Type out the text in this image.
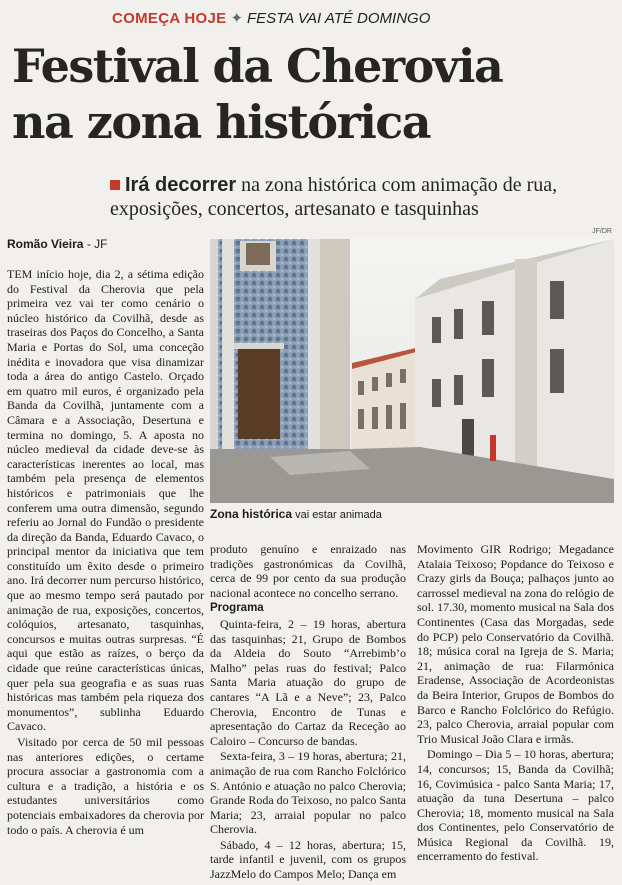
COMEÇA HOJE ✦ FESTA VAI ATÉ DOMINGO
Festival da Cherovia
na zona histórica
Irá decorrer na zona histórica com animação de rua, exposições, concertos, artesanato e tasquinhas
JF/DR
Romão Vieira - JF
Zona histórica vai estar animada

TEM início hoje, dia 2, a sétima edição do Festival da Cherovia que pela primeira vez vai ter como cenário o núcleo histórico da Covilhã, desde as traseiras dos Paços do Concelho, a Santa Maria e Portas do Sol, uma conceção inédita e inovadora que visa dinamizar toda a área do antigo Castelo. Orçado em quatro mil euros, é organizado pela Banda da Covilhã, juntamente com a Câmara e a Associação, Desertuna e termina no domingo, 5. A aposta no núcleo medieval da cidade deve-se às características inerentes ao local, mas também pela presença de elementos históricos e patrimoniais que lhe conferem uma outra dimensão, segundo referiu ao Jornal do Fundão o presidente da direção da Banda, Eduardo Cavaco, o principal mentor da iniciativa que tem constituído um êxito desde o primeiro ano. Irá decorrer num percurso histórico, que ao mesmo tempo será pautado por animação de rua, exposições, concertos, colóquios, artesanato, tasquinhas, concursos e muitas outras surpresas. “É aqui que estão as raízes, o berço da cidade que reúne características únicas, quer pela sua geografia e as suas ruas históricas mas também pela riqueza dos monumentos”, sublinha Eduardo Cavaco.

Visitado por cerca de 50 mil pessoas nas anteriores edições, o certame procura associar a gastronomia com a cultura e a tradição, a história e os estudantes universitários como potenciais embaixadores da cherovia por todo o país. A cherovia é um

produto genuíno e enraizado nas tradições gastronómicas da Covilhã, cerca de 99 por cento da sua produção nacional acontece no concelho serrano.

Programa

Quinta-feira, 2 – 19 horas, abertura das tasquinhas; 21, Grupo de Bombos da Aldeia do Souto “Arrebimb’o Malho” pelas ruas do festival; Palco Santa Maria atuação do grupo de cantares “A Lã e a Neve”; 23, Palco Cherovia, Encontro de Tunas e apresentação do Cartaz da Receção ao Caloiro – Concurso de bandas.

Sexta-feira, 3 – 19 horas, abertura; 21, animação de rua com Rancho Folclórico S. António e atuação no palco Cherovia; Grande Roda do Teixoso, no palco Santa Maria; 23, arraial popular no palco Cherovia.

Sábado, 4 – 12 horas, abertura; 15, tarde infantil e juvenil, com os grupos JazzMelo do Campos Melo; Dança em

Movimento GIR Rodrigo; Megadance Atalaia Teixoso; Popdance do Teixoso e Crazy girls da Bouça; palhaços junto ao carrossel medieval na zona do relógio de sol. 17.30, momento musical na Sala dos Continentes (Casa das Morgadas, sede do PCP) pelo Conservatório da Covilhã. 18; música coral na Igreja de S. Maria; 21, animação de rua: Filarmónica Eradense, Associação de Acordeonistas da Beira Interior, Grupos de Bombos do Barco e Rancho Folclórico do Refúgio. 23, palco Cherovia, arraial popular com Trio Musical João Clara e irmãs.

Domingo – Dia 5 – 10 horas, abertura; 14, concursos; 15, Banda da Covilhã; 16, Covimúsica - palco Santa Maria; 17, atuação da tuna Desertuna – palco Cherovia; 18, momento musical na Sala dos Continentes, pelo Conservatório de Música Regional da Covilhã. 19, encerramento do festival.
